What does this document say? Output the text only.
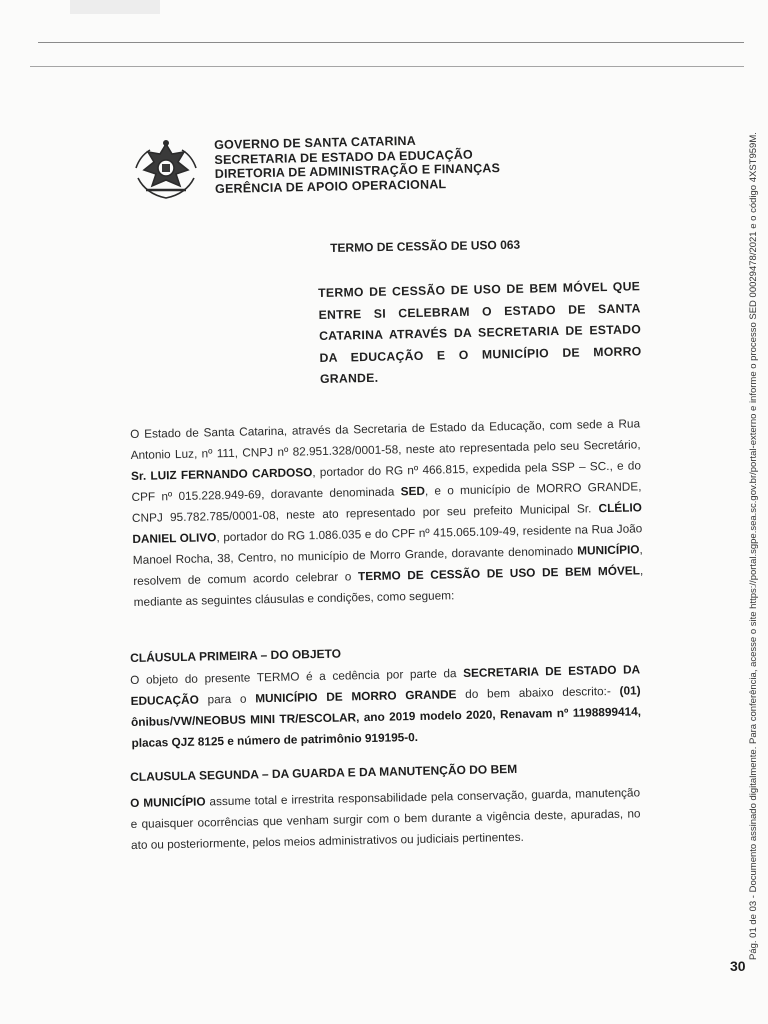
GOVERNO DE SANTA CATARINA
SECRETARIA DE ESTADO DA EDUCAÇÃO
DIRETORIA DE ADMINISTRAÇÃO E FINANÇAS
GERÊNCIA DE APOIO OPERACIONAL
TERMO DE CESSÃO DE USO 063
TERMO DE CESSÃO DE USO DE BEM MÓVEL QUE ENTRE SI CELEBRAM O ESTADO DE SANTA CATARINA ATRAVÉS DA SECRETARIA DE ESTADO DA EDUCAÇÃO E O MUNICÍPIO DE MORRO GRANDE.
O Estado de Santa Catarina, através da Secretaria de Estado da Educação, com sede a Rua Antonio Luz, nº 111, CNPJ nº 82.951.328/0001-58, neste ato representada pelo seu Secretário, Sr. LUIZ FERNANDO CARDOSO, portador do RG nº 466.815, expedida pela SSP – SC., e do CPF nº 015.228.949-69, doravante denominada SED, e o município de MORRO GRANDE, CNPJ 95.782.785/0001-08, neste ato representado por seu prefeito Municipal Sr. CLÉLIO DANIEL OLIVO, portador do RG 1.086.035 e do CPF nº 415.065.109-49, residente na Rua João Manoel Rocha, 38, Centro, no município de Morro Grande, doravante denominado MUNICÍPIO, resolvem de comum acordo celebrar o TERMO DE CESSÃO DE USO DE BEM MÓVEL, mediante as seguintes cláusulas e condições, como seguem:
CLÁUSULA PRIMEIRA – DO OBJETO
O objeto do presente TERMO é a cedência por parte da SECRETARIA DE ESTADO DA EDUCAÇÃO para o MUNICÍPIO DE MORRO GRANDE do bem abaixo descrito:- (01) ônibus/VW/NEOBUS MINI TR/ESCOLAR, ano 2019 modelo 2020, Renavam nº 1198899414, placas QJZ 8125 e número de patrimônio 919195-0.
CLAUSULA SEGUNDA – DA GUARDA E DA MANUTENÇÃO DO BEM
O MUNICÍPIO assume total e irrestrita responsabilidade pela conservação, guarda, manutenção e quaisquer ocorrências que venham surgir com o bem durante a vigência deste, apuradas, no ato ou posteriormente, pelos meios administrativos ou judiciais pertinentes.	Pág. 01 de 03 - Documento assinado digitalmente. Para conferência, acesse o site https://portal.sgpe.sea.sc.gov.br/portal-externo e informe o processo SED 00029478/2021 e o código 4XST959M.
30
